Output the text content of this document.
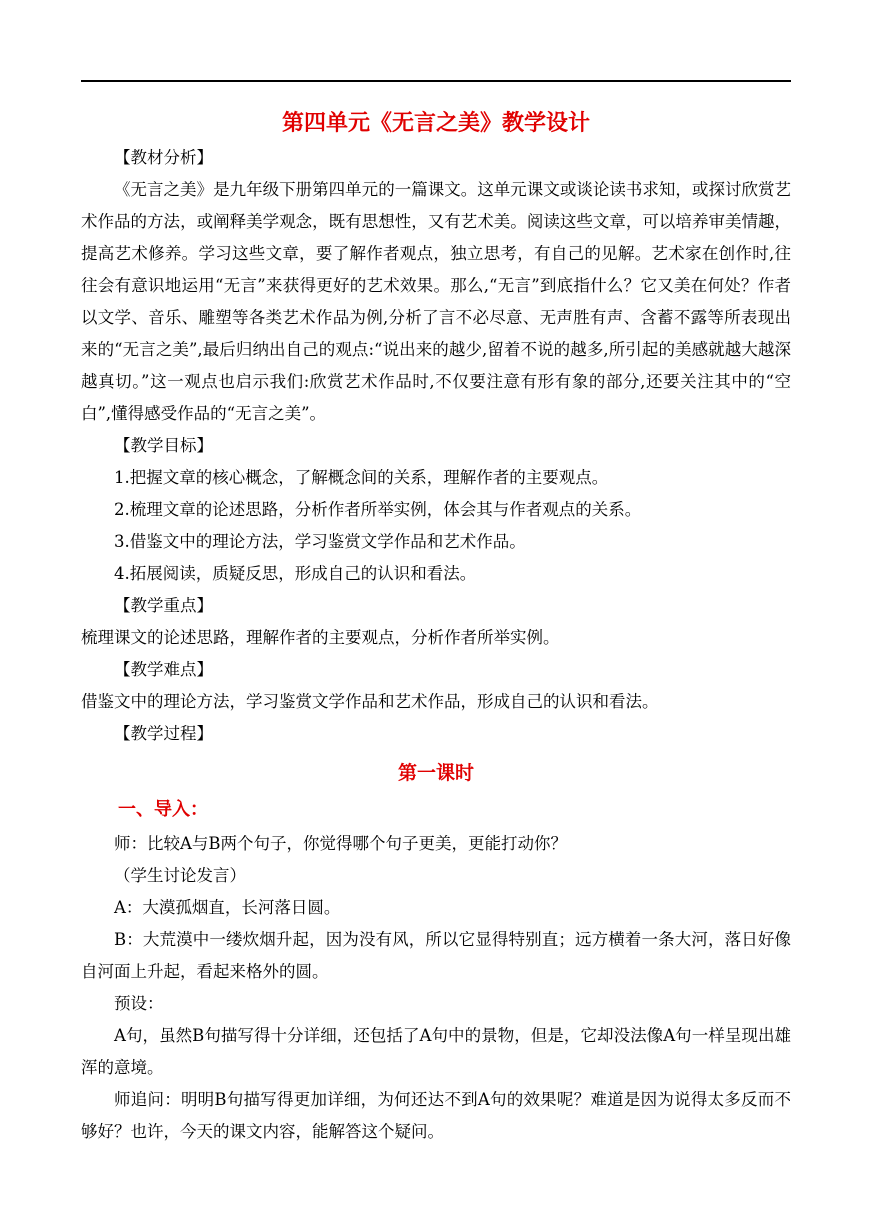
第四单元《无言之美》教学设计
【教材分析】

《无言之美》是九年级下册第四单元的一篇课文。这单元课文或谈论读书求知，或探讨欣赏艺术作品的方法，或阐释美学观念，既有思想性，又有艺术美。阅读这些文章，可以培养审美情趣，提高艺术修养。学习这些文章，要了解作者观点，独立思考，有自己的见解。艺术家在创作时,往往会有意识地运用“无言”来获得更好的艺术效果。那么,“无言”到底指什么？它又美在何处？作者以文学、音乐、雕塑等各类艺术作品为例,分析了言不必尽意、无声胜有声、含蓄不露等所表现出来的“无言之美”,最后归纳出自己的观点:“说出来的越少,留着不说的越多,所引起的美感就越大越深越真切。”这一观点也启示我们:欣赏艺术作品时,不仅要注意有形有象的部分,还要关注其中的“空白”,懂得感受作品的“无言之美”。

【教学目标】
1.把握文章的核心概念，了解概念间的关系，理解作者的主要观点。
2.梳理文章的论述思路，分析作者所举实例，体会其与作者观点的关系。
3.借鉴文中的理论方法，学习鉴赏文学作品和艺术作品。
4.拓展阅读，质疑反思，形成自己的认识和看法。
【教学重点】
梳理课文的论述思路，理解作者的主要观点，分析作者所举实例。
【教学难点】
借鉴文中的理论方法，学习鉴赏文学作品和艺术作品，形成自己的认识和看法。
【教学过程】
第一课时
一、导入：
师：比较A与B两个句子，你觉得哪个句子更美，更能打动你？
（学生讨论发言）
A：大漠孤烟直，长河落日圆。

B：大荒漠中一缕炊烟升起，因为没有风，所以它显得特别直；远方横着一条大河，落日好像自河面上升起，看起来格外的圆。

预设：

A句，虽然B句描写得十分详细，还包括了A句中的景物，但是，它却没法像A句一样呈现出雄浑的意境。

师追问：明明B句描写得更加详细，为何还达不到A句的效果呢？难道是因为说得太多反而不够好？也许，今天的课文内容，能解答这个疑问。
